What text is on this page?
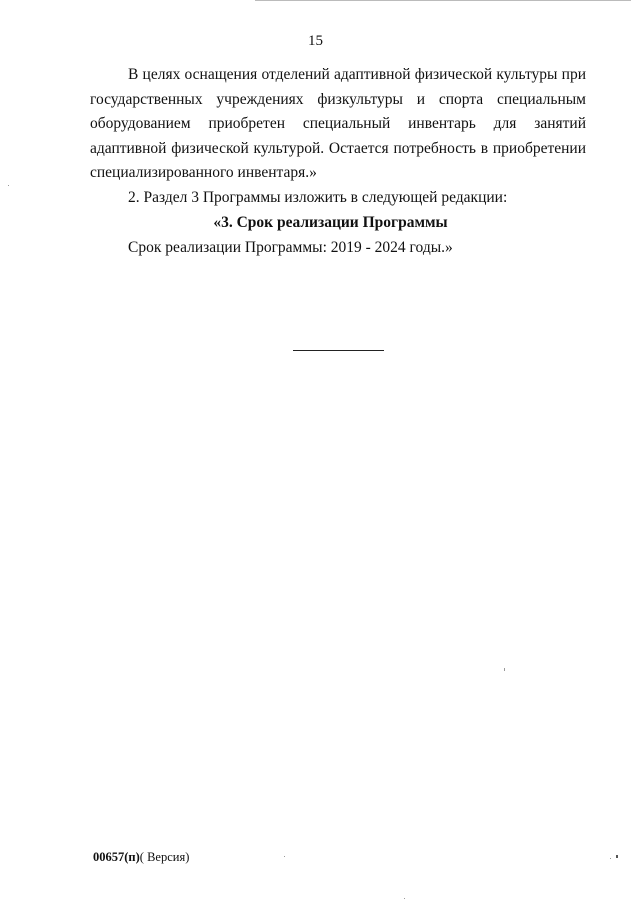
15

В целях оснащения отделений адаптивной физической культуры при государственных учреждениях физкультуры и спорта специальным оборудованием приобретен специальный инвентарь для занятий адаптивной физической культурой. Остается потребность в приобретении специализированного инвентаря.»

2. Раздел 3 Программы изложить в следующей редакции:

«3. Срок реализации Программы

Срок реализации Программы: 2019 - 2024 годы.»

00657(п)( Версия)
